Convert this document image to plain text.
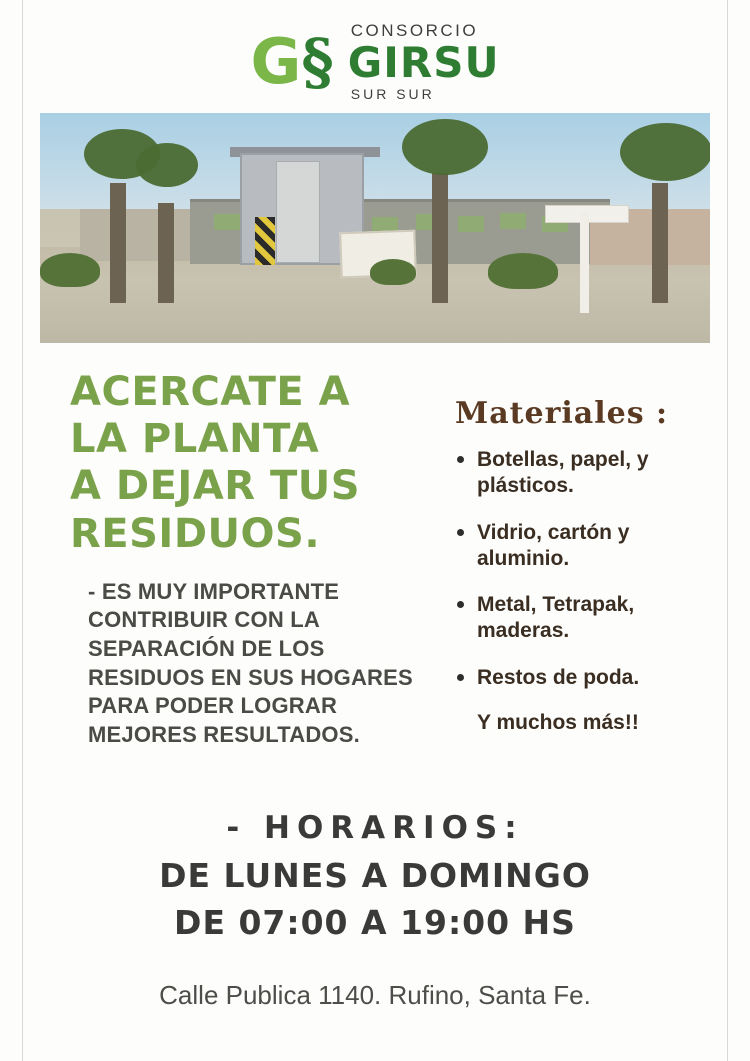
G § CONSORCIO
GIRSU
SUR SUR
ACERCATE A
LA PLANTA
A DEJAR TUS
RESIDUOS.
- ES MUY IMPORTANTE CONTRIBUIR CON LA SEPARACIÓN DE LOS RESIDUOS EN SUS HOGARES PARA PODER LOGRAR MEJORES RESULTADOS.
Materiales :
Botellas, papel, y plásticos.
Vidrio, cartón y aluminio.
Metal, Tetrapak, maderas.
Restos de poda.
Y muchos más!!
- HORARIOS:
DE LUNES A DOMINGO
DE 07:00 A 19:00 HS
Calle Publica 1140. Rufino, Santa Fe.
